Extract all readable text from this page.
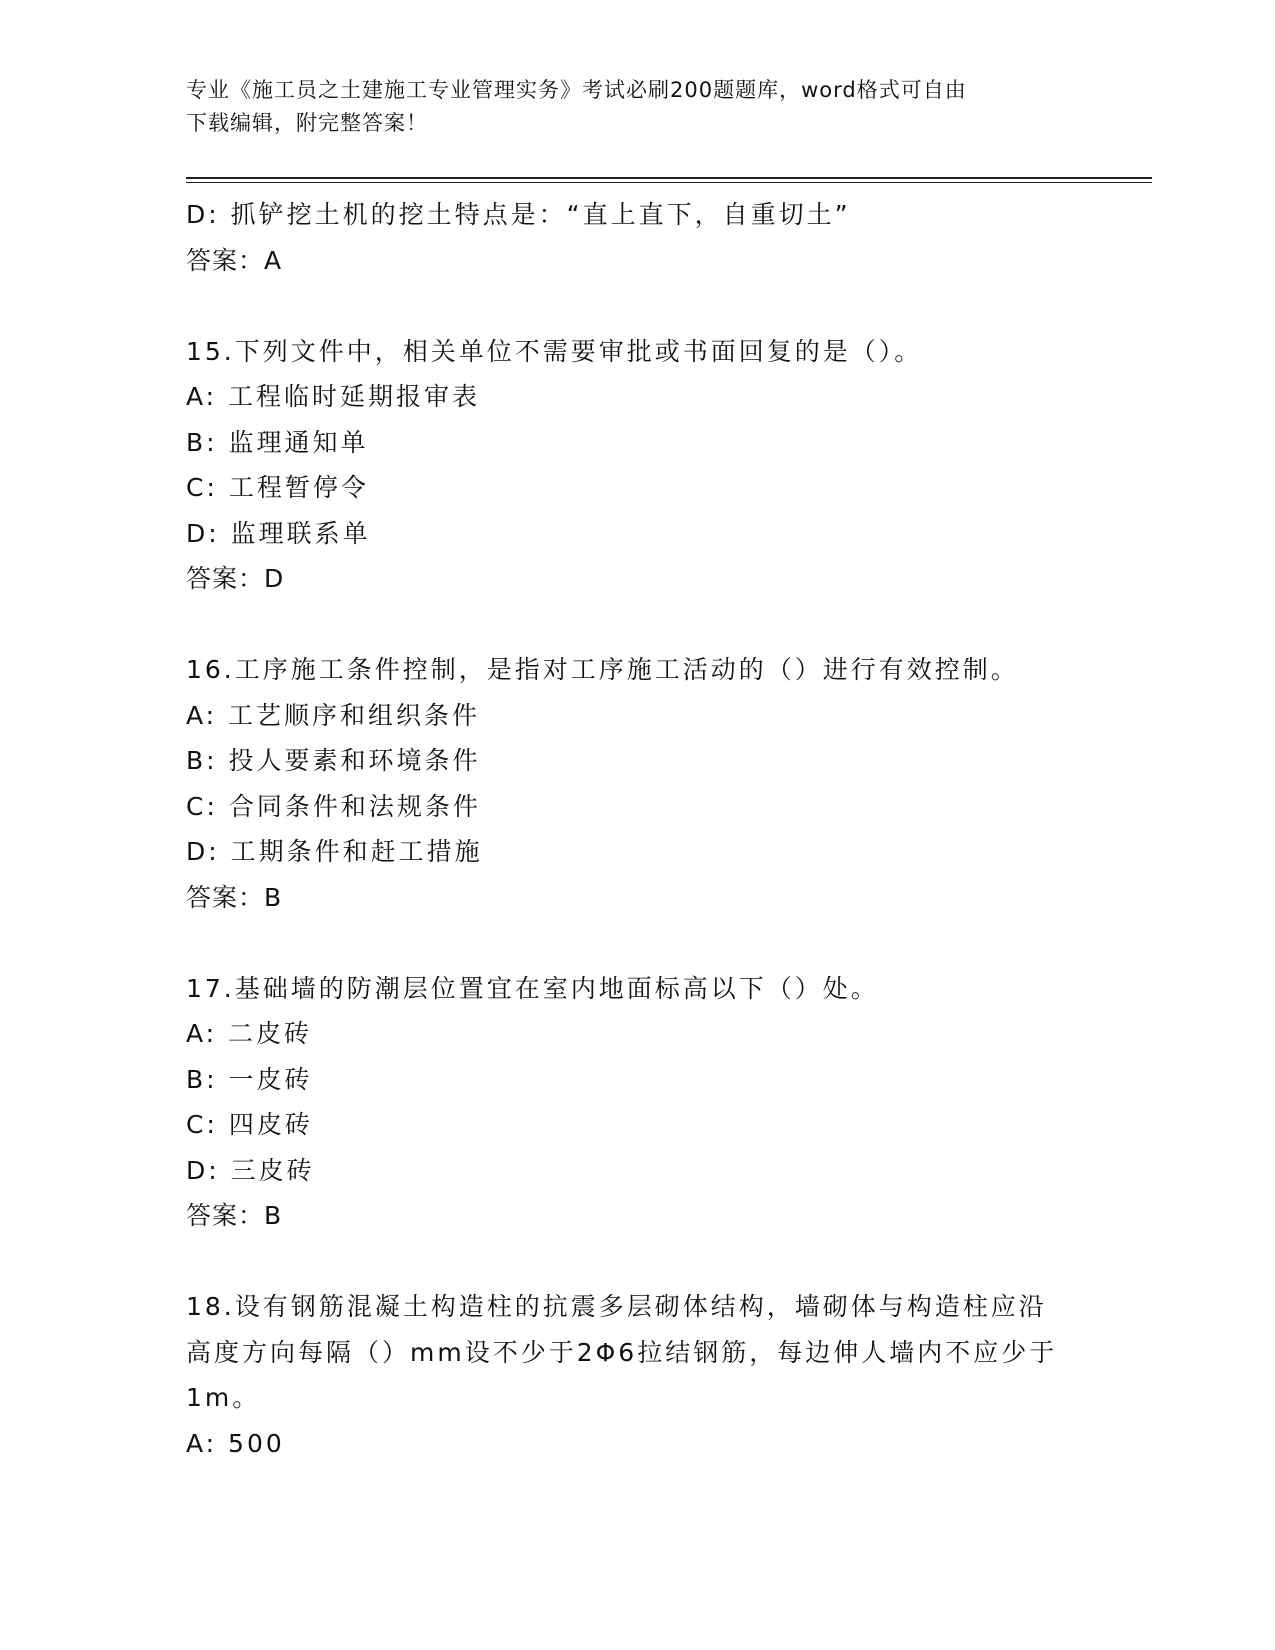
专业《施工员之土建施工专业管理实务》考试必刷200题题库，word格式可自由
下载编辑，附完整答案！
D: 抓铲挖土机的挖土特点是：“直上直下，自重切土”
答案：A
15.下列文件中，相关单位不需要审批或书面回复的是（）。
A: 工程临时延期报审表
B: 监理通知单
C: 工程暂停令
D: 监理联系单
答案：D
16.工序施工条件控制，是指对工序施工活动的（）进行有效控制。
A: 工艺顺序和组织条件
B: 投人要素和环境条件
C: 合同条件和法规条件
D: 工期条件和赶工措施
答案：B
17.基础墙的防潮层位置宜在室内地面标高以下（）处。
A: 二皮砖
B: 一皮砖
C: 四皮砖
D: 三皮砖
答案：B
18.设有钢筋混凝土构造柱的抗震多层砌体结构，墙砌体与构造柱应沿
高度方向每隔（）mm设不少于2Φ6拉结钢筋，每边伸人墙内不应少于
1m。
A: 500
